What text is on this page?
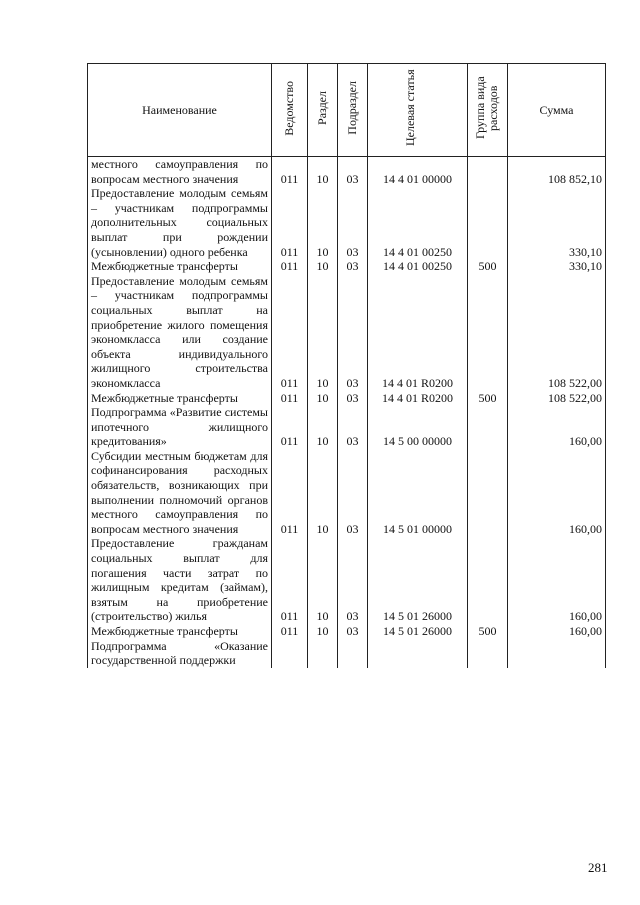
Наименование	Ведомство	Раздел	Подраздел	Целевая статья	Группа вида расходов	Сумма
местного самоуправления по вопросам местного значения	011	10	03	14 4 01 00000		108 852,10
Предоставление молодым семьям – участникам подпрограммы дополнительных социальных выплат при рождении (усыновлении) одного ребенка	011	10	03	14 4 01 00250		330,10
Межбюджетные трансферты	011	10	03	14 4 01 00250	500	330,10
Предоставление молодым семьям – участникам подпрограммы социальных выплат на приобретение жилого помещения экономкласса или создание объекта индивидуального жилищного строительства экономкласса	011	10	03	14 4 01 R0200		108 522,00
Межбюджетные трансферты	011	10	03	14 4 01 R0200	500	108 522,00
Подпрограмма «Развитие системы ипотечного жилищного кредитования»	011	10	03	14 5 00 00000		160,00
Субсидии местным бюджетам для софинансирования расходных обязательств, возникающих при выполнении полномочий органов местного самоуправления по вопросам местного значения	011	10	03	14 5 01 00000		160,00
Предоставление гражданам социальных выплат для погашения части затрат по жилищным кредитам (займам), взятым на приобретение (строительство) жилья	011	10	03	14 5 01 26000		160,00
Межбюджетные трансферты	011	10	03	14 5 01 26000	500	160,00
Подпрограмма «Оказание государственной поддержки						
281
